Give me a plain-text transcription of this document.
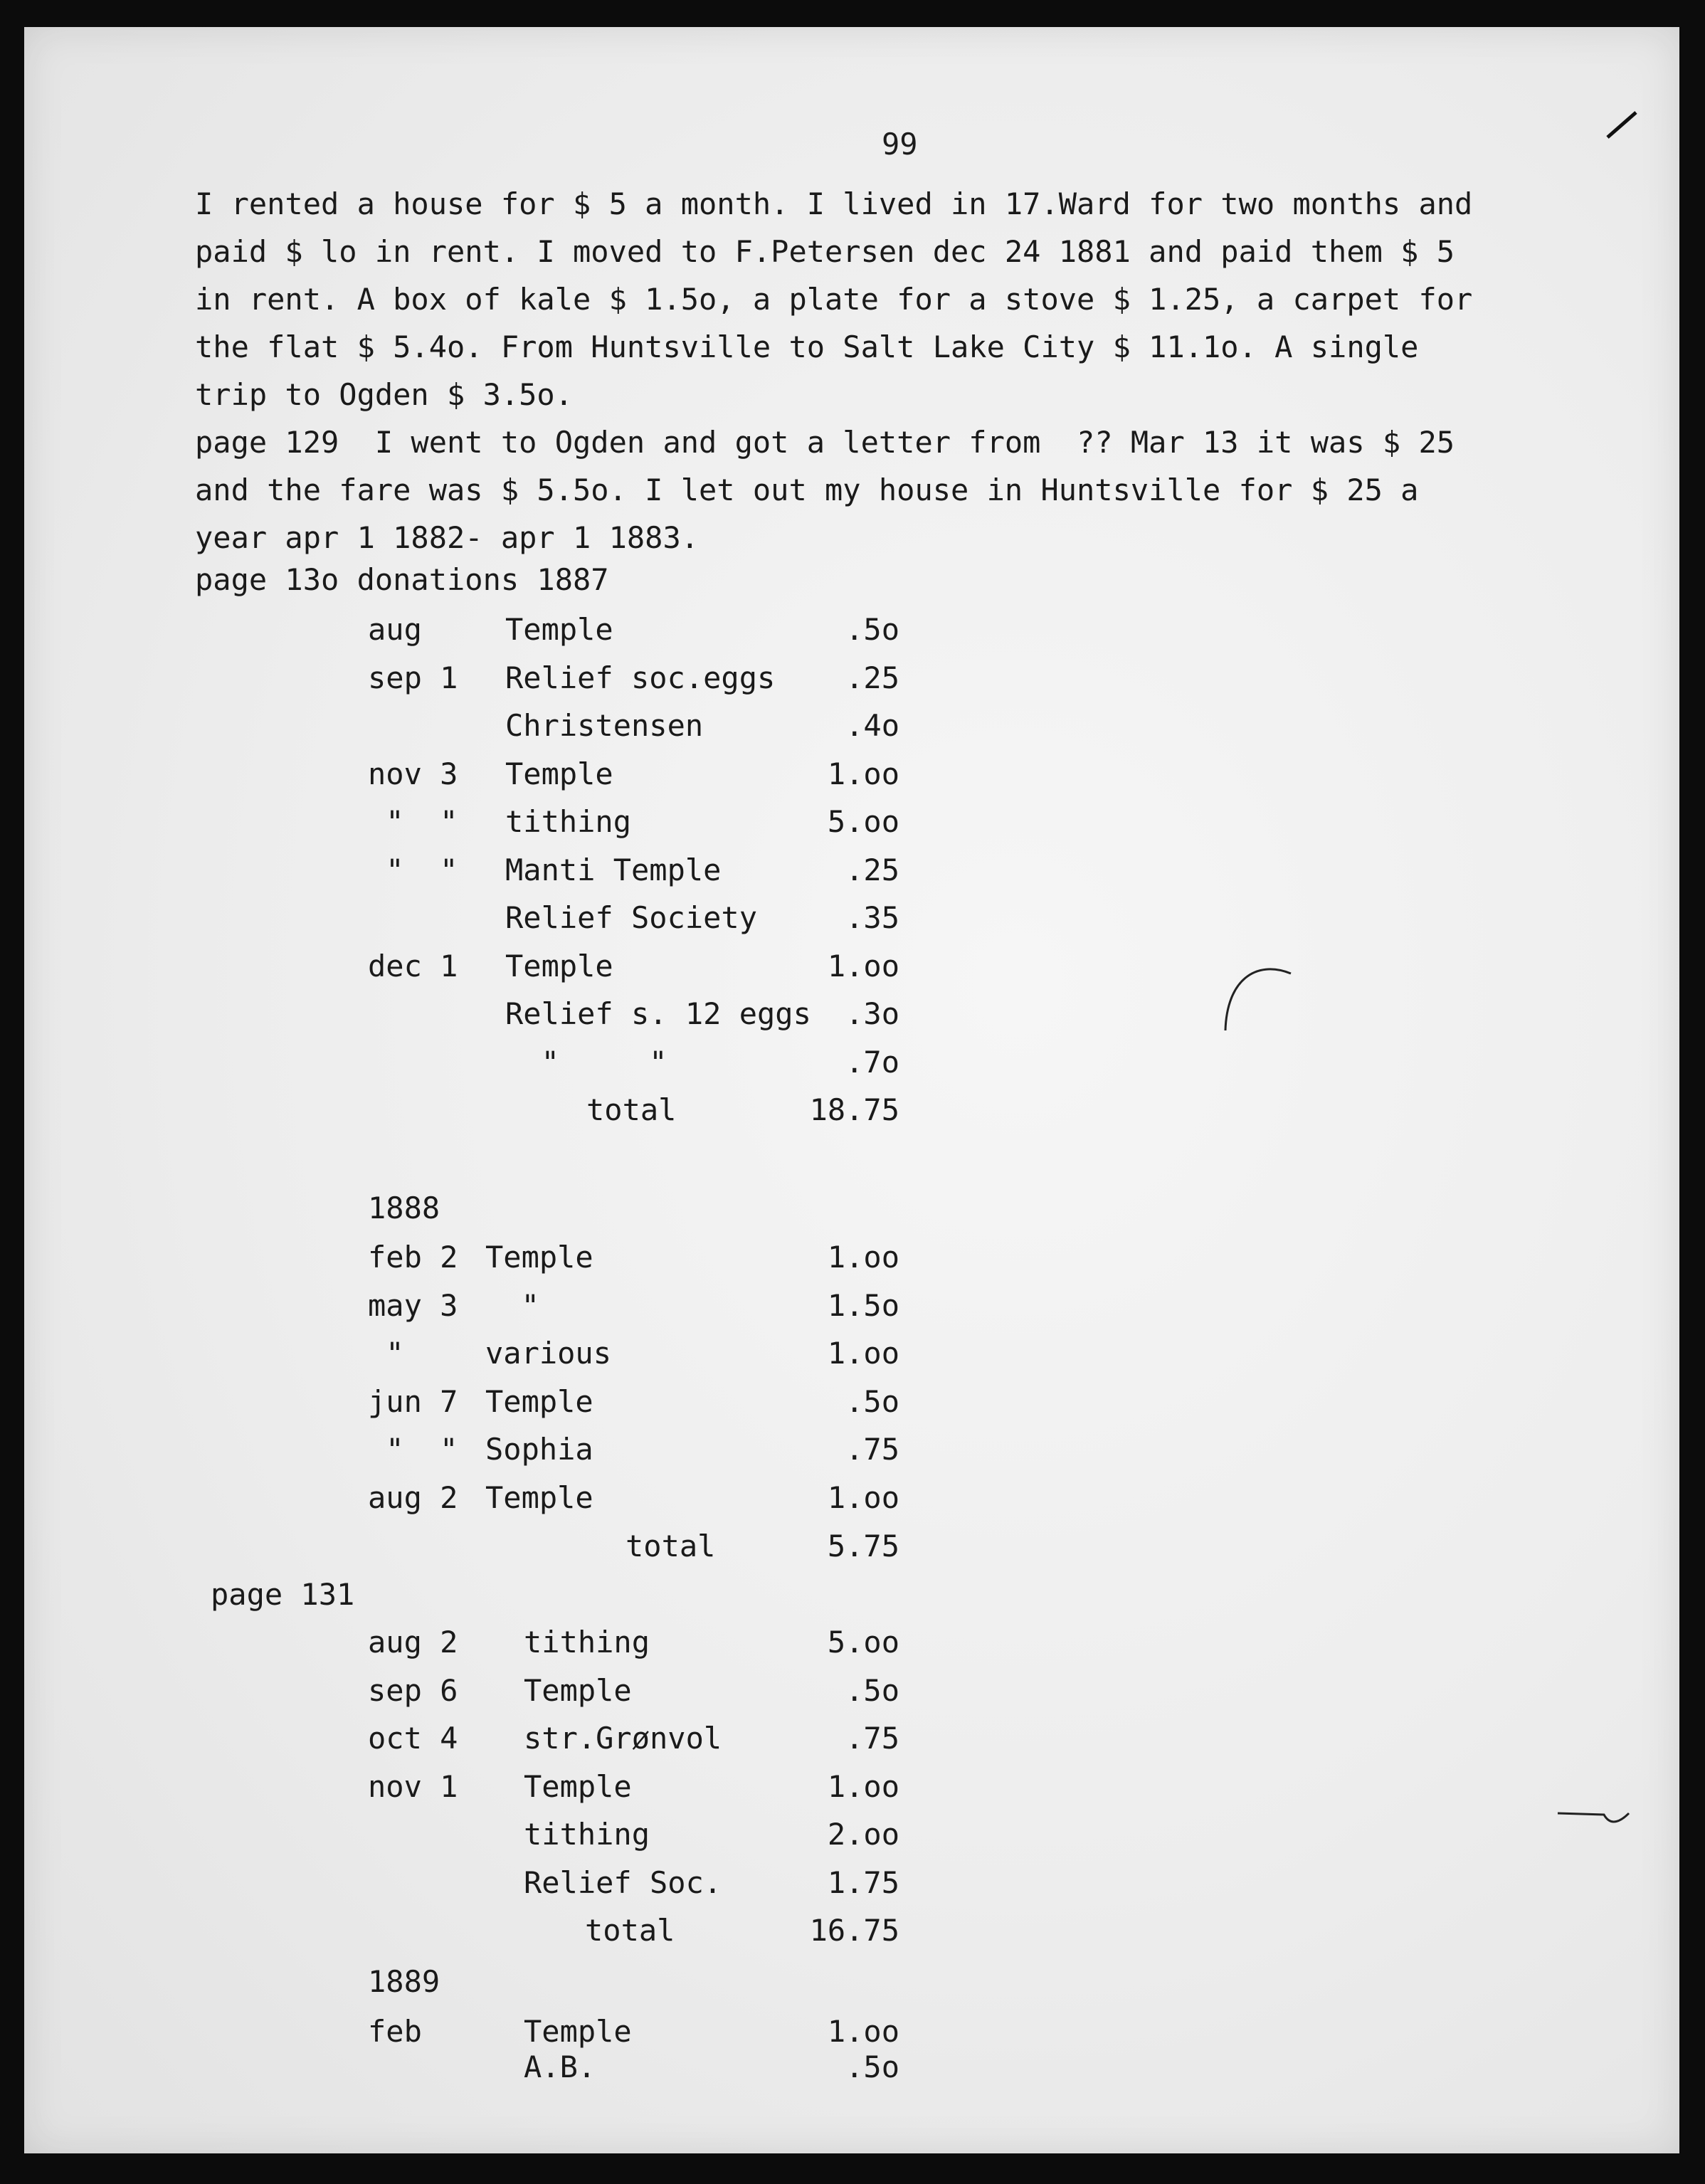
99

I rented a house for $ 5 a month. I lived in 17.Ward for two months and
paid $ lo in rent. I moved to F.Petersen dec 24 1881 and paid them $ 5
in rent. A box of kale $ 1.5o, a plate for a stove $ 1.25, a carpet for
the flat $ 5.4o. From Huntsville to Salt Lake City $ 11.1o. A single
trip to Ogden $ 3.5o.

page 129  I went to Ogden and got a letter from  ?? Mar 13 it was $ 25
and the fare was $ 5.5o. I let out my house in Huntsville for $ 25 a
year apr 1 1882- apr 1 1883.

page 13o donations 1887
aug	Temple	.5o
sep 1 Relief soc.eggs	.25
Christensen	.4o
nov 3 Temple	1.oo
"  " tithing	5.oo
"  " Manti Temple	.25
Relief Society	.35
dec 1 Temple	1.oo
Relief s. 12 eggs	.3o
"     "	.7o
total	18.75
1888
feb 2 Temple	1.oo
may 3 "	1.5o
"	various	1.oo
jun 7 Temple	.5o
"  " Sophia	.75
aug 2 Temple	1.oo
total	5.75
page 131
aug 2 tithing	5.oo
sep 6 Temple	.5o
oct 4 str.Grønvol	.75
nov 1 Temple	1.oo
tithing	2.oo
Relief Soc.	1.75
total	16.75
1889
feb	Temple	1.oo
A.B.	.5o
